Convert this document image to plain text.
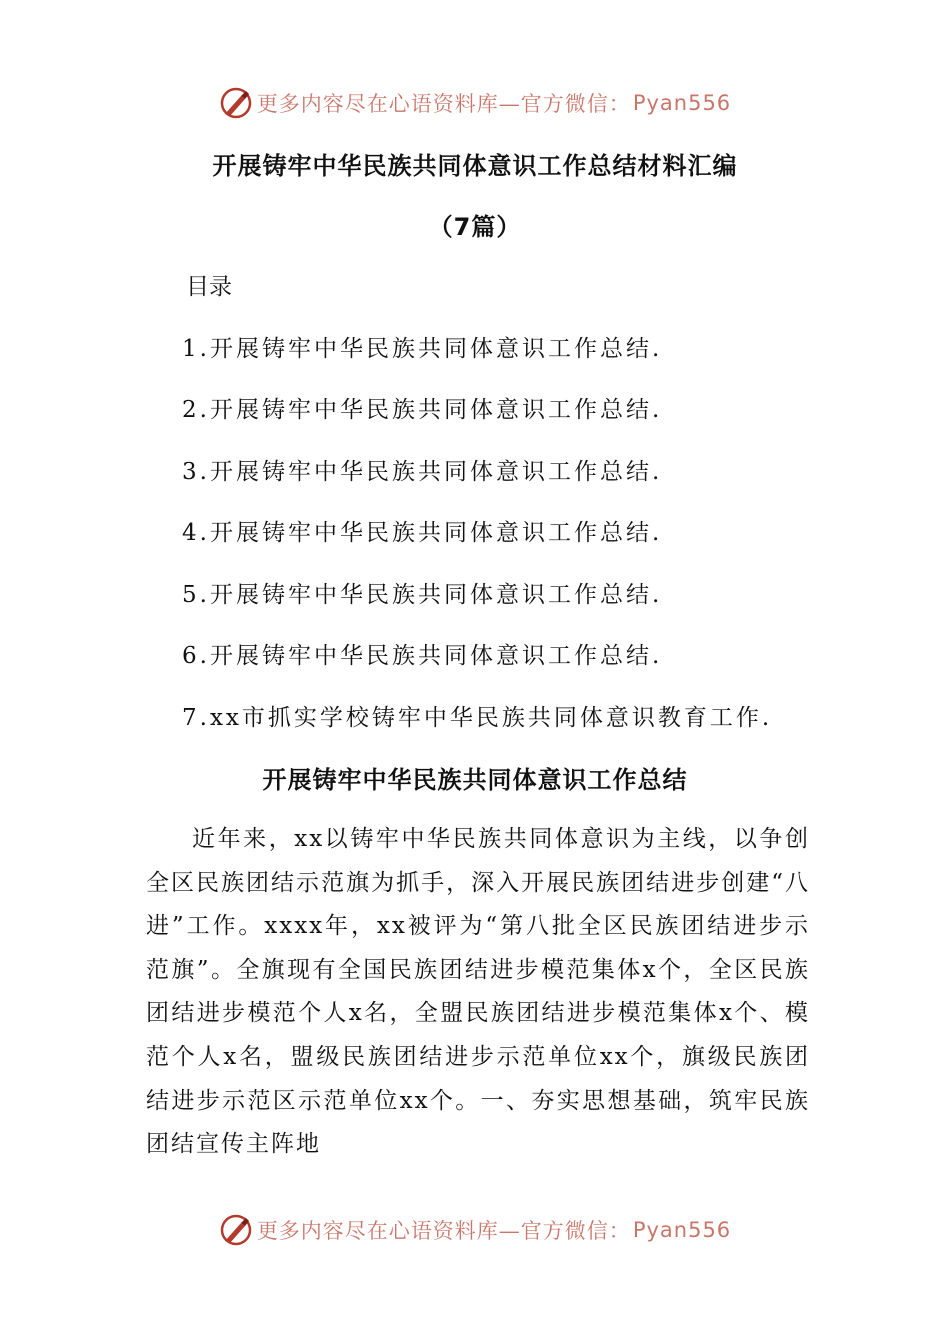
更多内容尽在心语资料库—官方微信： Pyan556
开展铸牢中华民族共同体意识工作总结材料汇编
（7篇）
目录
1.开展铸牢中华民族共同体意识工作总结.
2.开展铸牢中华民族共同体意识工作总结.
3.开展铸牢中华民族共同体意识工作总结.
4.开展铸牢中华民族共同体意识工作总结.
5.开展铸牢中华民族共同体意识工作总结.
6.开展铸牢中华民族共同体意识工作总结.
7.xx市抓实学校铸牢中华民族共同体意识教育工作.
开展铸牢中华民族共同体意识工作总结
近年来，xx以铸牢中华民族共同体意识为主线，以争创全区民族团结示范旗为抓手，深入开展民族团结进步创建“八进”工作。xxxx年，xx被评为“第八批全区民族团结进步示范旗”。全旗现有全国民族团结进步模范集体x个，全区民族团结进步模范个人x名，全盟民族团结进步模范集体x个、模范个人x名，盟级民族团结进步示范单位xx个，旗级民族团结进步示范区示范单位xx个。一、夯实思想基础，筑牢民族团结宣传主阵地
更多内容尽在心语资料库—官方微信： Pyan556
